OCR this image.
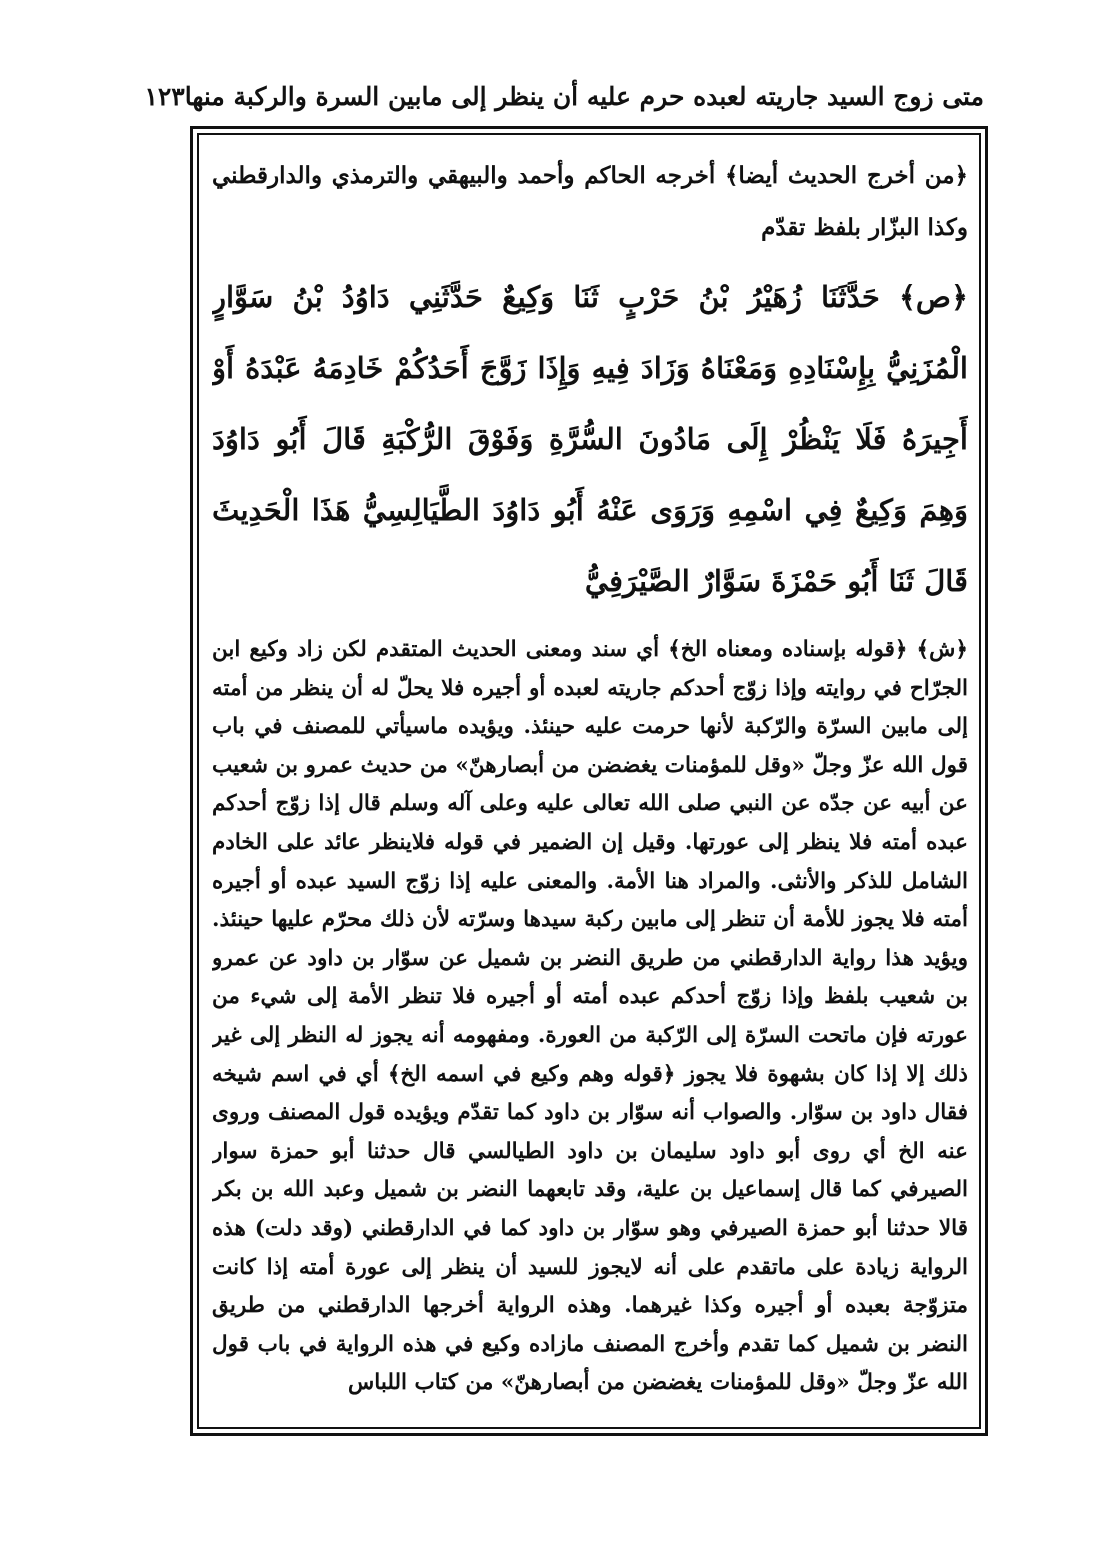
متى زوج السيد جاريته لعبده حرم عليه أن ينظر إلى مابين السرة والركبة منها
١٢٣

﴿من أخرج الحديث أيضا﴾ أخرجه الحاكم وأحمد والبيهقي والترمذي والدارقطني وكذا البزّار بلفظ تقدّم

﴿ص﴾ حَدَّثَنَا زُهَيْرُ بْنُ حَرْبٍ ثَنَا وَكِيعٌ حَدَّثَنِي دَاوُدُ بْنُ سَوَّارٍ الْمُزَنِيُّ بِإِسْنَادِهِ وَمَعْنَاهُ وَزَادَ فِيهِ وَإِذَا زَوَّجَ أَحَدُكُمْ خَادِمَهُ عَبْدَهُ أَوْ أَجِيرَهُ فَلَا يَنْظُرْ إِلَى مَادُونَ السُّرَّةِ وَفَوْقَ الرُّكْبَةِ قَالَ أَبُو دَاوُدَ وَهِمَ وَكِيعٌ فِي اسْمِهِ وَرَوَى عَنْهُ أَبُو دَاوُدَ الطَّيَالِسِيُّ هَذَا الْحَدِيثَ قَالَ ثَنَا أَبُو حَمْزَةَ سَوَّارٌ الصَّيْرَفِيُّ

﴿ش﴾ ﴿قوله بإسناده ومعناه الخ﴾ أي سند ومعنى الحديث المتقدم لكن زاد وكيع ابن الجرّاح في روايته وإذا زوّج أحدكم جاريته لعبده أو أجيره فلا يحلّ له أن ينظر من أمته إلى مابين السرّة والرّكبة لأنها حرمت عليه حينئذ. ويؤيده ماسيأتي للمصنف في باب قول الله عزّ وجلّ «وقل للمؤمنات يغضضن من أبصارهنّ» من حديث عمرو بن شعيب عن أبيه عن جدّه عن النبي صلى الله تعالى عليه وعلى آله وسلم قال إذا زوّج أحدكم عبده أمته فلا ينظر إلى عورتها. وقيل إن الضمير في قوله فلاينظر عائد على الخادم الشامل للذكر والأنثى. والمراد هنا الأمة. والمعنى عليه إذا زوّج السيد عبده أو أجيره أمته فلا يجوز للأمة أن تنظر إلى مابين ركبة سيدها وسرّته لأن ذلك محرّم عليها حينئذ. ويؤيد هذا رواية الدارقطني من طريق النضر بن شميل عن سوّار بن داود عن عمرو بن شعيب بلفظ وإذا زوّج أحدكم عبده أمته أو أجيره فلا تنظر الأمة إلى شيء من عورته فإن ماتحت السرّة إلى الرّكبة من العورة. ومفهومه أنه يجوز له النظر إلى غير ذلك إلا إذا كان بشهوة فلا يجوز ﴿قوله وهم وكيع في اسمه الخ﴾ أي في اسم شيخه فقال داود بن سوّار. والصواب أنه سوّار بن داود كما تقدّم ويؤيده قول المصنف وروى عنه الخ أي روى أبو داود سليمان بن داود الطيالسي قال حدثنا أبو حمزة سوار الصيرفي كما قال إسماعيل بن علية، وقد تابعهما النضر بن شميل وعبد الله بن بكر قالا حدثنا أبو حمزة الصيرفي وهو سوّار بن داود كما في الدارقطني (وقد دلت) هذه الرواية زيادة على ماتقدم على أنه لايجوز للسيد أن ينظر إلى عورة أمته إذا كانت متزوّجة بعبده أو أجيره وكذا غيرهما. وهذه الرواية أخرجها الدارقطني من طريق النضر بن شميل كما تقدم وأخرج المصنف مازاده وكيع في هذه الرواية في باب قول الله عزّ وجلّ «وقل للمؤمنات يغضضن من أبصارهنّ» من كتاب اللباس
